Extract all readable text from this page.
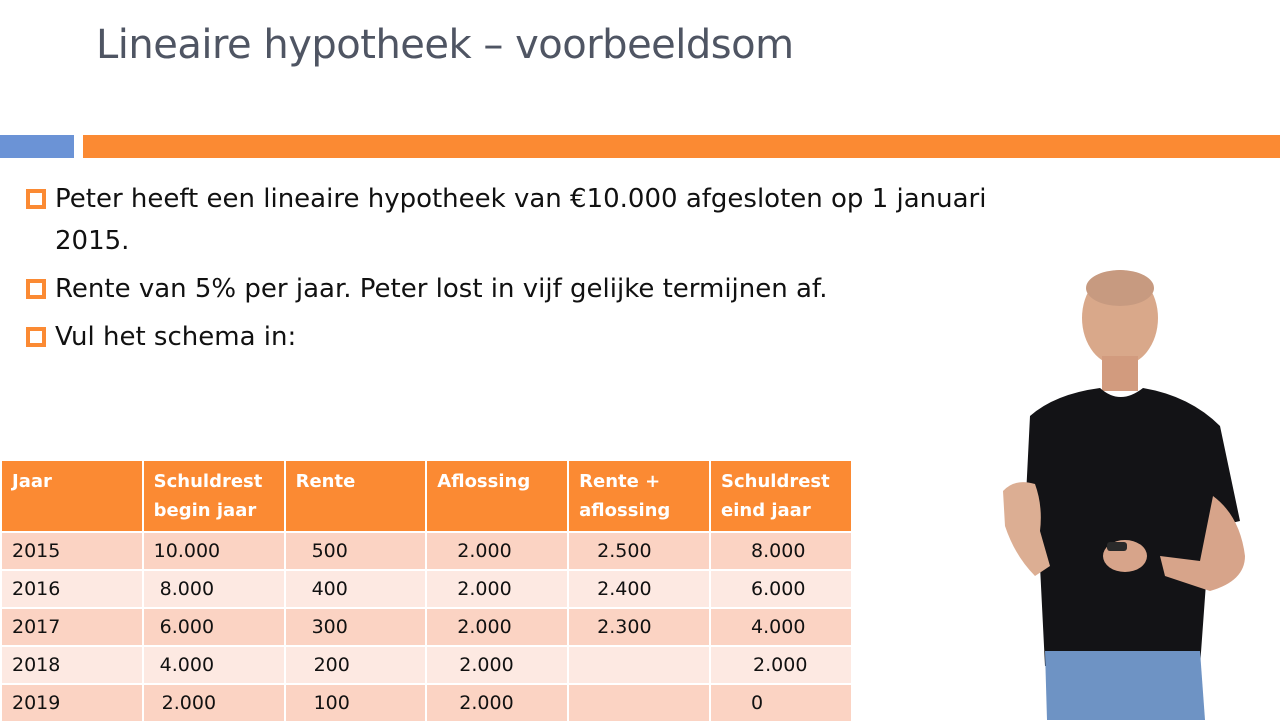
Lineaire hypotheek – voorbeeldsom
Peter heeft een lineaire hypotheek van €10.000 afgesloten op 1 januari 2015.
Rente van 5% per jaar. Peter lost in vijf gelijke termijnen af.
Vul het schema in:
Jaar	Schuldrest begin jaar	Rente	Aflossing	Rente + aflossing	Schuldrest eind jaar
2015	10.000	500	2.000	2.500	8.000
2016	8.000	400	2.000	2.400	6.000
2017	6.000	300	2.000	2.300	4.000
2018	4.000	200	2.000		2.000
2019	2.000	100	2.000		0
